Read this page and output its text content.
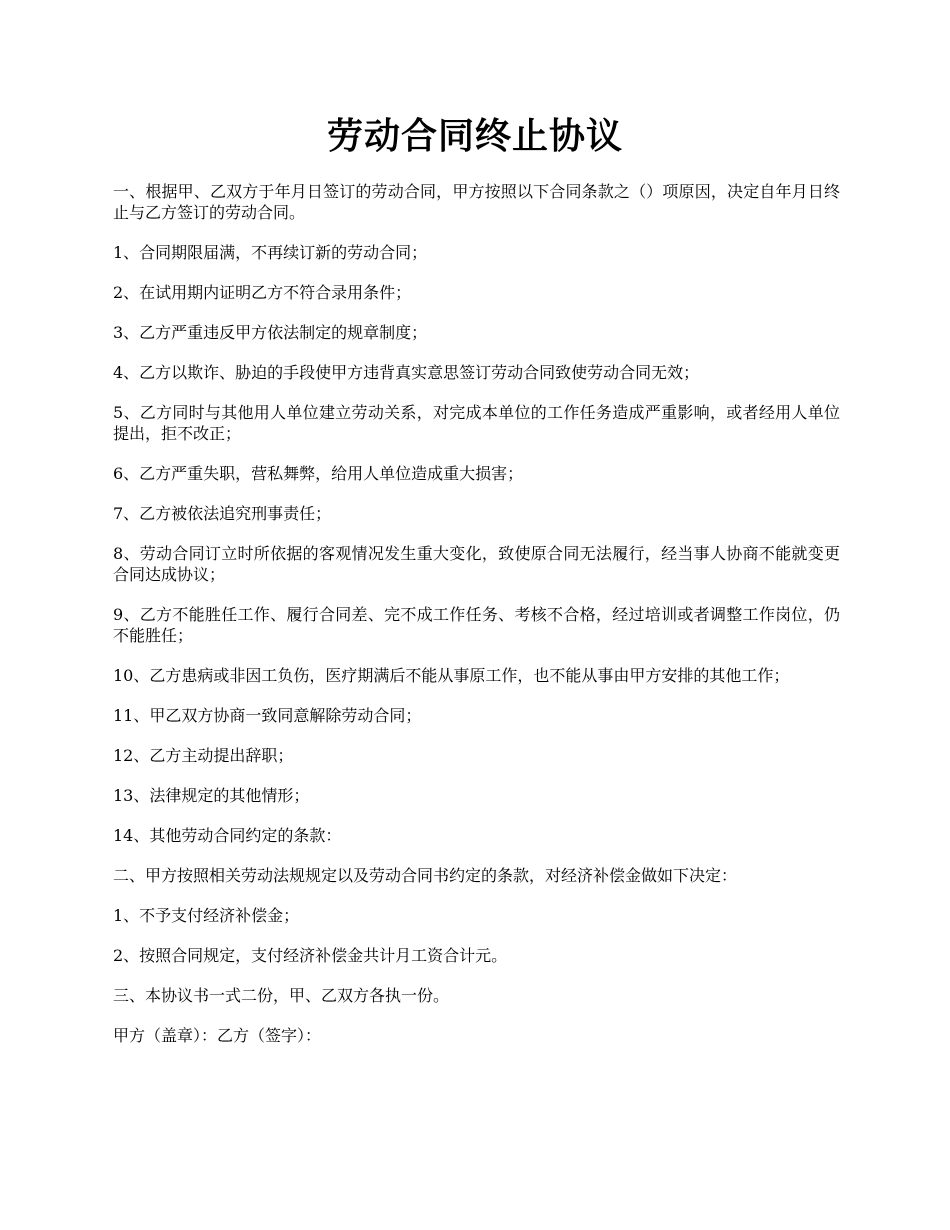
劳动合同终止协议

一、根据甲、乙双方于年月日签订的劳动合同，甲方按照以下合同条款之（）项原因，决定自年月日终止与乙方签订的劳动合同。

1、合同期限届满，不再续订新的劳动合同；

2、在试用期内证明乙方不符合录用条件；

3、乙方严重违反甲方依法制定的规章制度；

4、乙方以欺诈、胁迫的手段使甲方违背真实意思签订劳动合同致使劳动合同无效；

5、乙方同时与其他用人单位建立劳动关系，对完成本单位的工作任务造成严重影响，或者经用人单位提出，拒不改正；

6、乙方严重失职，营私舞弊，给用人单位造成重大损害；

7、乙方被依法追究刑事责任；

8、劳动合同订立时所依据的客观情况发生重大变化，致使原合同无法履行，经当事人协商不能就变更合同达成协议；

9、乙方不能胜任工作、履行合同差、完不成工作任务、考核不合格，经过培训或者调整工作岗位，仍不能胜任；

10、乙方患病或非因工负伤，医疗期满后不能从事原工作，也不能从事由甲方安排的其他工作；

11、甲乙双方协商一致同意解除劳动合同；

12、乙方主动提出辞职；

13、法律规定的其他情形；

14、其他劳动合同约定的条款：

二、甲方按照相关劳动法规规定以及劳动合同书约定的条款，对经济补偿金做如下决定：

1、不予支付经济补偿金；

2、按照合同规定，支付经济补偿金共计月工资合计元。

三、本协议书一式二份，甲、乙双方各执一份。

甲方（盖章）：乙方（签字）：
